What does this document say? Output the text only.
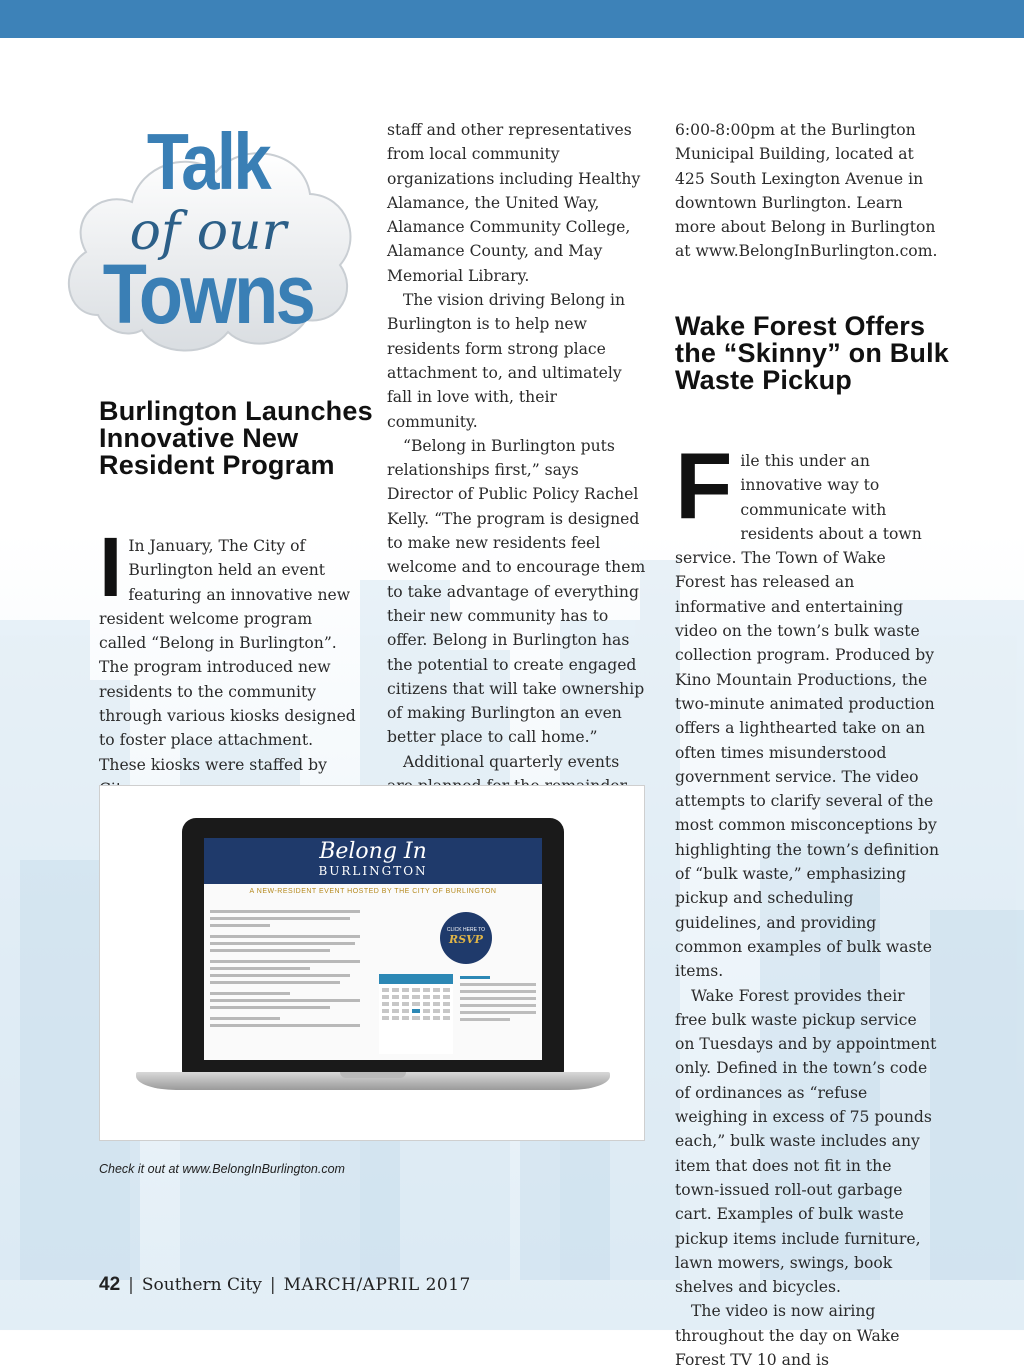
Talk
of our
Towns
Burlington Launches Innovative New Resident Program

I In January, The City of Burlington held an event featuring an innovative new resident welcome program called “Belong in Burlington”. The program introduced new residents to the community through various kiosks designed to foster place attachment. These kiosks were staffed by

staff and other representatives from local community organizations including Healthy Alamance, the United Way, Alamance Community College, Alamance County, and May Memorial Library.

The vision driving Belong in Burlington is to help new residents form strong place attachment to, and ultimately fall in love with, their community.

“Belong in Burlington puts relationships first,” says Director of Public Policy Rachel Kelly. “The program is designed to make new residents feel welcome and to encourage them to take advantage of everything their new community has to offer. Belong in Burlington has the potential to create engaged citizens that will take ownership of making Burlington an even better place to call home.”

Additional quarterly events

6:00-8:00pm at the Burlington Municipal Building, located at 425 South Lexington Avenue in downtown Burlington. Learn more about Belong in Burlington at www.BelongInBurlington.com.

Wake Forest Offers the “Skinny” on Bulk Waste Pickup

File this under an innovative way to communicate with residents about a town service. The Town of Wake Forest has released an informative and entertaining video on the town’s bulk waste collection program. Produced by Kino Mountain Productions, the two-minute animated production offers a lighthearted take on an often times misunderstood government service. The video attempts to clarify several of the most common misconceptions by highlighting the town’s definition of “bulk waste,” emphasizing pickup and scheduling guidelines, and providing common examples of bulk waste items.

Wake Forest provides their free bulk waste pickup service on Tuesdays and by appointment only. Defined in the town’s code of ordinances as “refuse weighing in excess of 75 pounds each,” bulk waste includes any item that does not fit in the town-issued roll-out garbage cart. Examples of bulk waste pickup items include furniture, lawn mowers, swings, book shelves and bicycles.

The video is now airing throughout the day on Wake Forest TV 10 and is

Belong In
BURLINGTON
A NEW-RESIDENT EVENT HOSTED BY THE CITY OF BURLINGTON
CLICK HERE TO
RSVP
Check it out at www.BelongInBurlington.com
42 | Southern City | MARCH/APRIL 2017
